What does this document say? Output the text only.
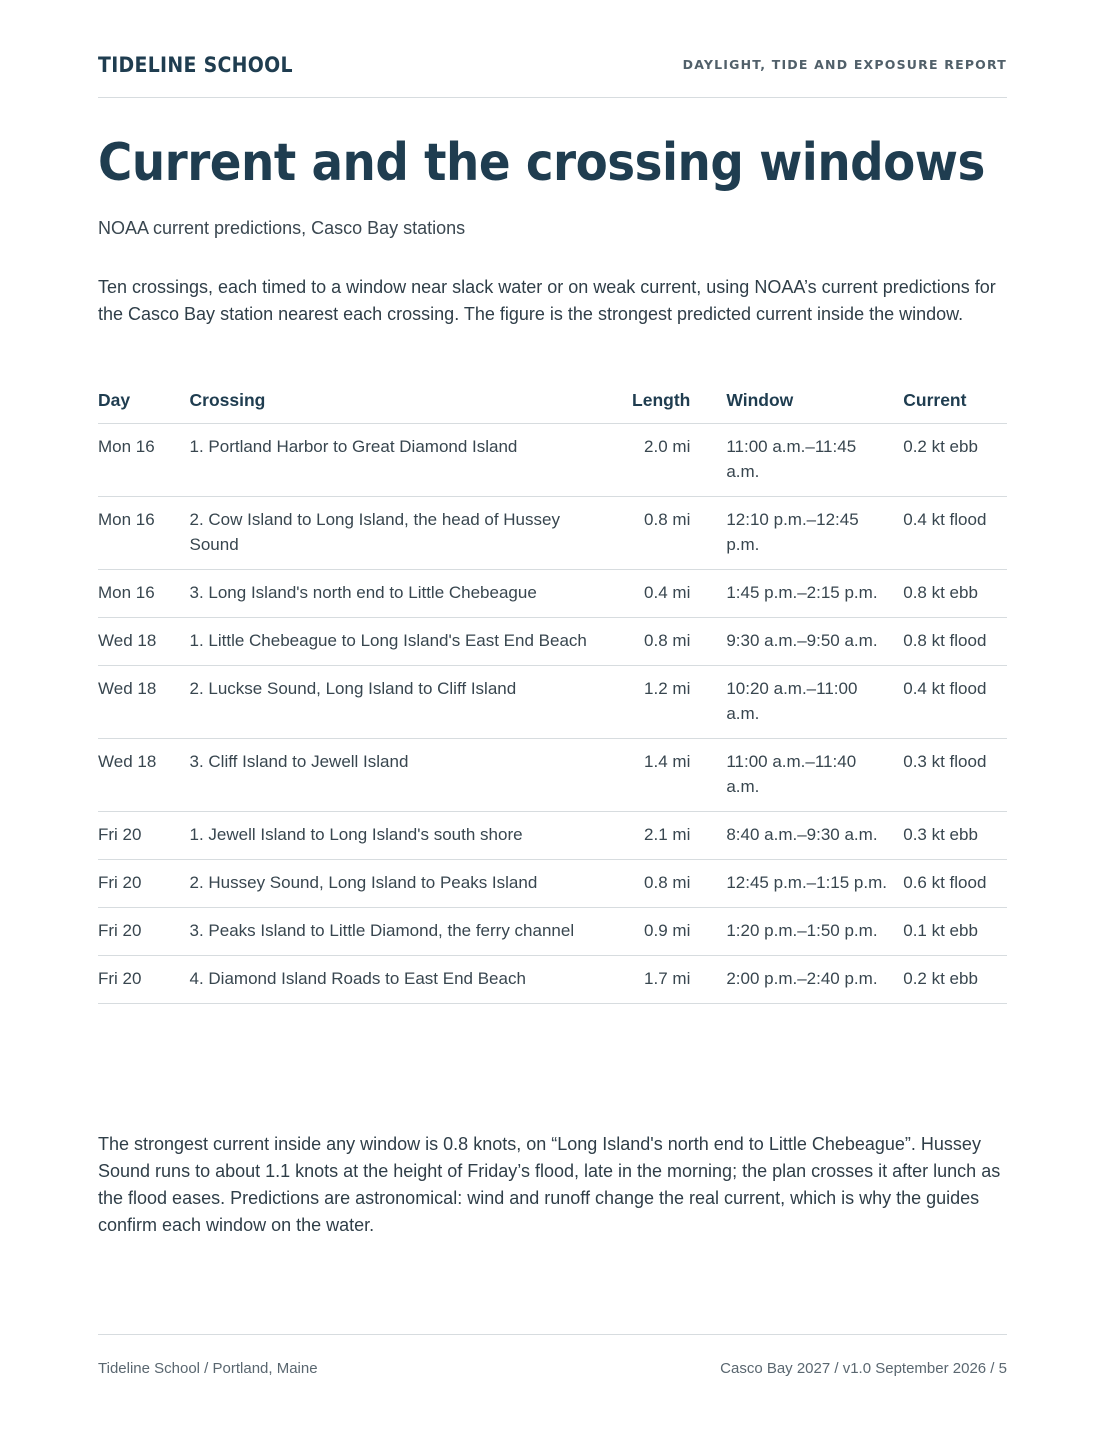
TIDELINE SCHOOL	DAYLIGHT, TIDE AND EXPOSURE REPORT
Current and the crossing windows
NOAA current predictions, Casco Bay stations

Ten crossings, each timed to a window near slack water or on weak current, using NOAA’s current predictions for the Casco Bay station nearest each crossing. The figure is the strongest predicted current inside the window.

Day	Crossing	Length	Window	Current
Mon 16	1. Portland Harbor to Great Diamond Island	2.0 mi	11:00 a.m.–11:45 a.m.	0.2 kt ebb
Mon 16	2. Cow Island to Long Island, the head of Hussey Sound	0.8 mi	12:10 p.m.–12:45 p.m.	0.4 kt flood
Mon 16	3. Long Island's north end to Little Chebeague	0.4 mi	1:45 p.m.–2:15 p.m.	0.8 kt ebb
Wed 18	1. Little Chebeague to Long Island's East End Beach	0.8 mi	9:30 a.m.–9:50 a.m.	0.8 kt flood
Wed 18	2. Luckse Sound, Long Island to Cliff Island	1.2 mi	10:20 a.m.–11:00 a.m.	0.4 kt flood
Wed 18	3. Cliff Island to Jewell Island	1.4 mi	11:00 a.m.–11:40 a.m.	0.3 kt flood
Fri 20	1. Jewell Island to Long Island's south shore	2.1 mi	8:40 a.m.–9:30 a.m.	0.3 kt ebb
Fri 20	2. Hussey Sound, Long Island to Peaks Island	0.8 mi	12:45 p.m.–1:15 p.m.	0.6 kt flood
Fri 20	3. Peaks Island to Little Diamond, the ferry channel	0.9 mi	1:20 p.m.–1:50 p.m.	0.1 kt ebb
Fri 20	4. Diamond Island Roads to East End Beach	1.7 mi	2:00 p.m.–2:40 p.m.	0.2 kt ebb

The strongest current inside any window is 0.8 knots, on “Long Island's north end to Little Chebeague”. Hussey Sound runs to about 1.1 knots at the height of Friday’s flood, late in the morning; the plan crosses it after lunch as the flood eases. Predictions are astronomical: wind and runoff change the real current, which is why the guides confirm each window on the water.

Tideline School / Portland, Maine	Casco Bay 2027 / v1.0 September 2026 / 5
